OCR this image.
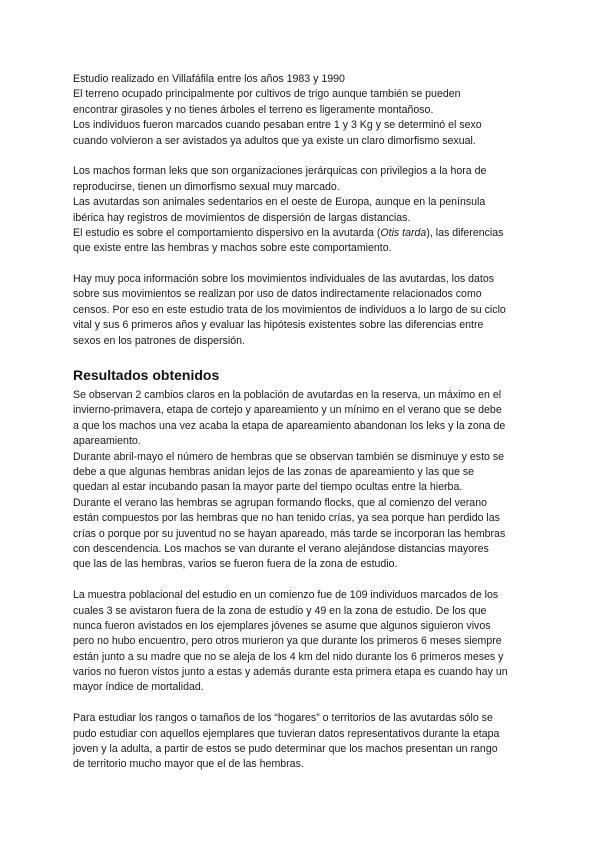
Estudio realizado en Villafáfila entre los años 1983 y 1990
El terreno ocupado principalmente por cultivos de trigo aunque también se pueden
encontrar girasoles y no tienes árboles el terreno es ligeramente montañoso.
Los individuos fueron marcados cuando pesaban entre 1 y 3 Kg y se determinó el sexo
cuando volvieron a ser avistados ya adultos que ya existe un claro dimorfismo sexual.
Los machos forman leks que son organizaciones jerárquicas con privilegios a la hora de
reproducirse, tienen un dimorfismo sexual muy marcado.
Las avutardas son animales sedentarios en el oeste de Europa, aunque en la península
ibérica hay registros de movimientos de dispersión de largas distancias.
El estudio es sobre el comportamiento dispersivo en la avutarda (Otis tarda), las diferencias
que existe entre las hembras y machos sobre este comportamiento.
Hay muy poca información sobre los movimientos individuales de las avutardas, los datos
sobre sus movimientos se realizan por uso de datos indirectamente relacionados como
censos. Por eso en este estudio trata de los movimientos de individuos a lo largo de su ciclo
vital y sus 6 primeros años y evaluar las hipótesis existentes sobre las diferencias entre
sexos en los patrones de dispersión.
Resultados obtenidos
Se observan 2 cambios claros en la población de avutardas en la reserva, un máximo en el
invierno-primavera, etapa de cortejo y apareamiento y un mínimo en el verano que se debe
a que los machos una vez acaba la etapa de apareamiento abandonan los leks y la zona de
apareamiento.
Durante abril-mayo el número de hembras que se observan también se disminuye y esto se
debe a que algunas hembras anidan lejos de las zonas de apareamiento y las que se
quedan al estar incubando pasan la mayor parte del tiempo ocultas entre la hierba.
Durante el verano las hembras se agrupan formando flocks, que al comienzo del verano
están compuestos por las hembras que no han tenido crías, ya sea porque han perdido las
crías o porque por su juventud no se hayan apareado, más tarde se incorporan las hembras
con descendencia. Los machos se van durante el verano alejándose distancias mayores
que las de las hembras, varios se fueron fuera de la zona de estudio.
La muestra poblacional del estudio en un comienzo fue de 109 individuos marcados de los
cuales 3 se avistaron fuera de la zona de estudio y 49 en la zona de estudio. De los que
nunca fueron avistados en los ejemplares jóvenes se asume que algunos siguieron vivos
pero no hubo encuentro, pero otros murieron ya que durante los primeros 6 meses siempre
están junto a su madre que no se aleja de los 4 km del nido durante los 6 primeros meses y
varios no fueron vistos junto a estas y además durante esta primera etapa es cuando hay un
mayor índice de mortalidad.
Para estudiar los rangos o tamaños de los “hogares” o territorios de las avutardas sólo se
pudo estudiar con aquellos ejemplares que tuvieran datos representativos durante la etapa
joven y la adulta, a partir de estos se pudo determinar que los machos presentan un rango
de territorio mucho mayor que el de las hembras.
